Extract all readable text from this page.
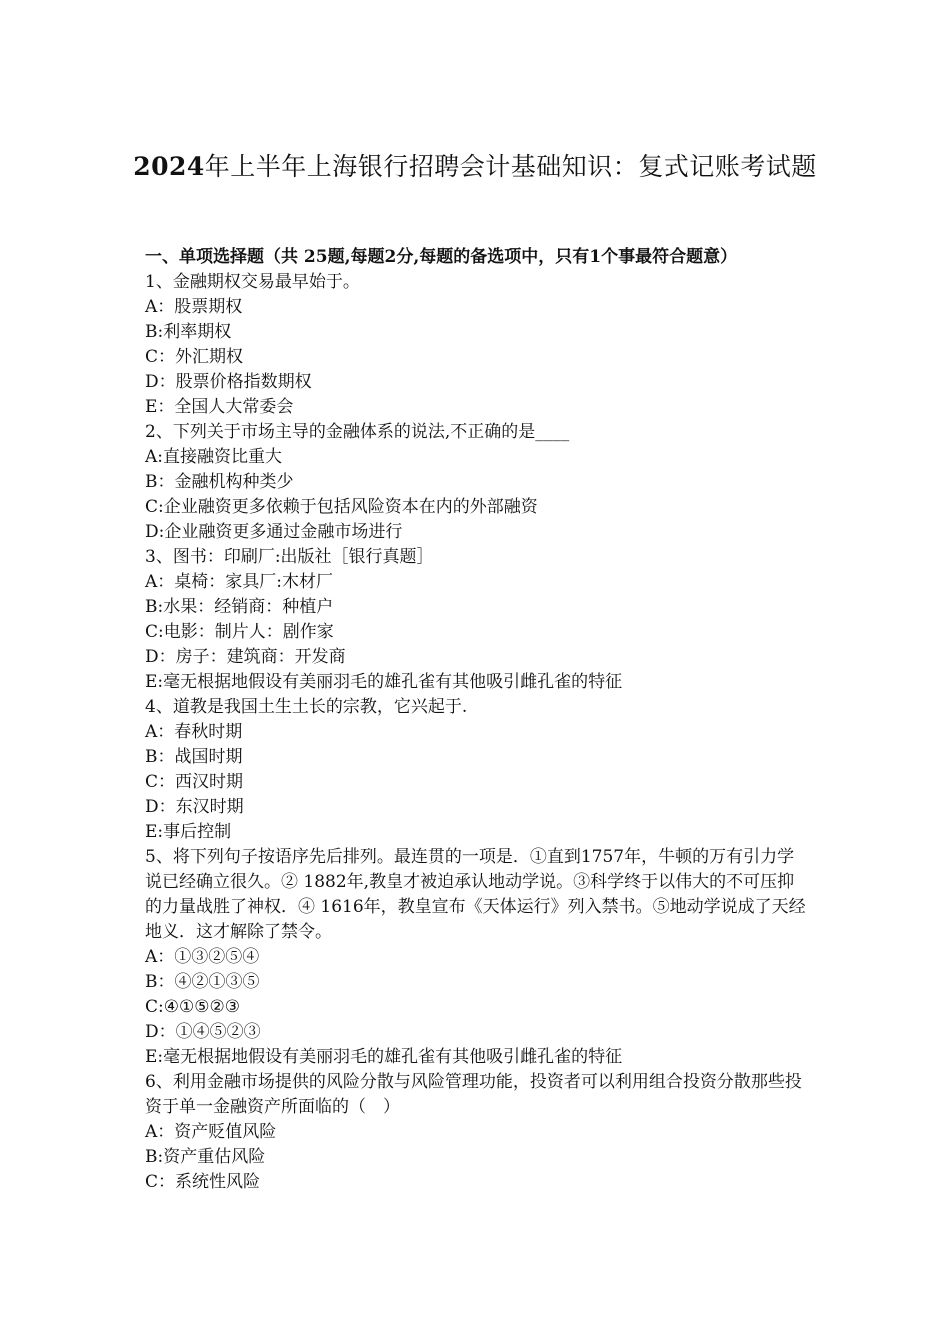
2024年上半年上海银行招聘会计基础知识：复式记账考试题

一、单项选择题（共 25题,每题2分,每题的备选项中，只有1个事最符合题意）

1、金融期权交易最早始于。

A：股票期权

B:利率期权

C：外汇期权

D：股票价格指数期权

E：全国人大常委会

2、下列关于市场主导的金融体系的说法,不正确的是____

A:直接融资比重大

B：金融机构种类少

C:企业融资更多依赖于包括风险资本在内的外部融资

D:企业融资更多通过金融市场进行

3、图书：印刷厂:出版社［银行真题］

A：桌椅：家具厂:木材厂

B:水果：经销商：种植户

C:电影：制片人：剧作家

D：房子：建筑商：开发商

E:毫无根据地假设有美丽羽毛的雄孔雀有其他吸引雌孔雀的特征

4、道教是我国土生土长的宗教，它兴起于.

A：春秋时期

B：战国时期

C：西汉时期

D：东汉时期

E:事后控制

5、将下列句子按语序先后排列。最连贯的一项是．①直到1757年，牛顿的万有引力学说已经确立很久。② 1882年,教皇才被迫承认地动学说。③科学终于以伟大的不可压抑的力量战胜了神权．④ 1616年，教皇宣布《天体运行》列入禁书。⑤地动学说成了天经地义．这才解除了禁令。

A：①③②⑤④

B：④②①③⑤

C:④①⑤②③

D：①④⑤②③

E:毫无根据地假设有美丽羽毛的雄孔雀有其他吸引雌孔雀的特征

6、利用金融市场提供的风险分散与风险管理功能，投资者可以利用组合投资分散那些投资于单一金融资产所面临的（　）

A：资产贬值风险

B:资产重估风险

C：系统性风险
